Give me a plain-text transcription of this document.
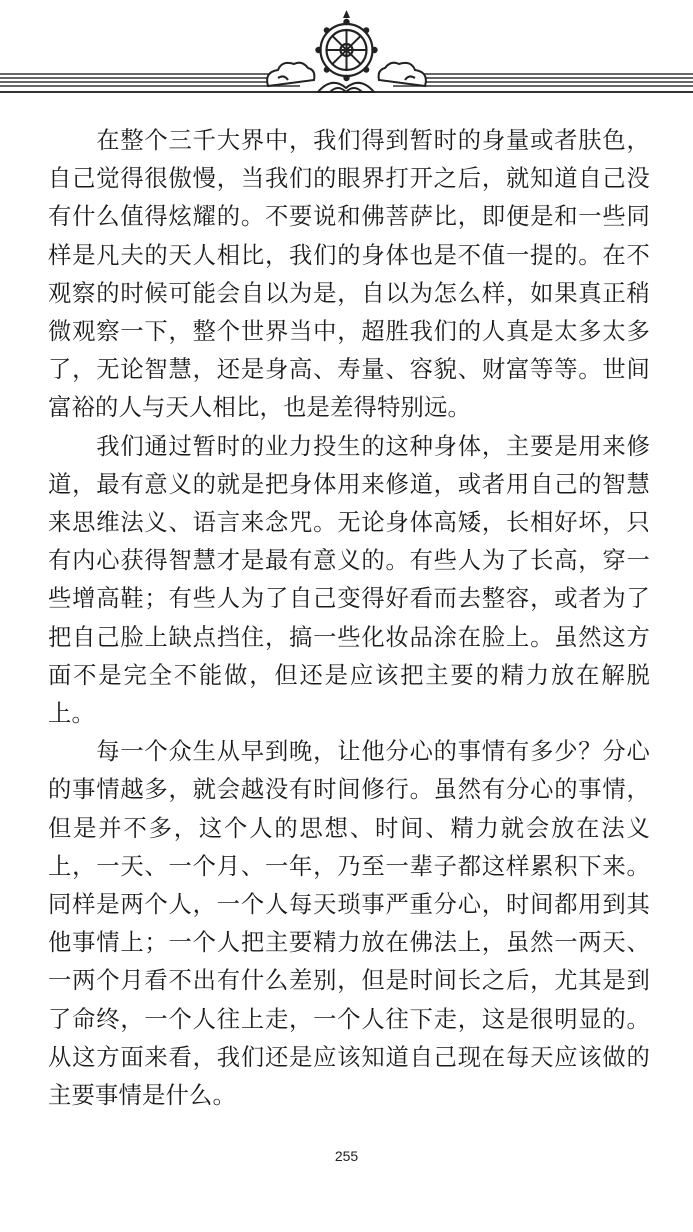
　　在整个三千大界中，我们得到暂时的身量或者肤色，自己觉得很傲慢，当我们的眼界打开之后，就知道自己没有什么值得炫耀的。不要说和佛菩萨比，即便是和一些同样是凡夫的天人相比，我们的身体也是不值一提的。在不观察的时候可能会自以为是，自以为怎么样，如果真正稍微观察一下，整个世界当中，超胜我们的人真是太多太多了，无论智慧，还是身高、寿量、容貌、财富等等。世间富裕的人与天人相比，也是差得特别远。

　　我们通过暂时的业力投生的这种身体，主要是用来修道，最有意义的就是把身体用来修道，或者用自己的智慧来思维法义、语言来念咒。无论身体高矮，长相好坏，只有内心获得智慧才是最有意义的。有些人为了长高，穿一些增高鞋；有些人为了自己变得好看而去整容，或者为了把自己脸上缺点挡住，搞一些化妆品涂在脸上。虽然这方面不是完全不能做，但还是应该把主要的精力放在解脱上。

　　每一个众生从早到晚，让他分心的事情有多少？分心的事情越多，就会越没有时间修行。虽然有分心的事情，但是并不多，这个人的思想、时间、精力就会放在法义上，一天、一个月、一年，乃至一辈子都这样累积下来。同样是两个人，一个人每天琐事严重分心，时间都用到其他事情上；一个人把主要精力放在佛法上，虽然一两天、一两个月看不出有什么差别，但是时间长之后，尤其是到了命终，一个人往上走，一个人往下走，这是很明显的。从这方面来看，我们还是应该知道自己现在每天应该做的主要事情是什么。

255
